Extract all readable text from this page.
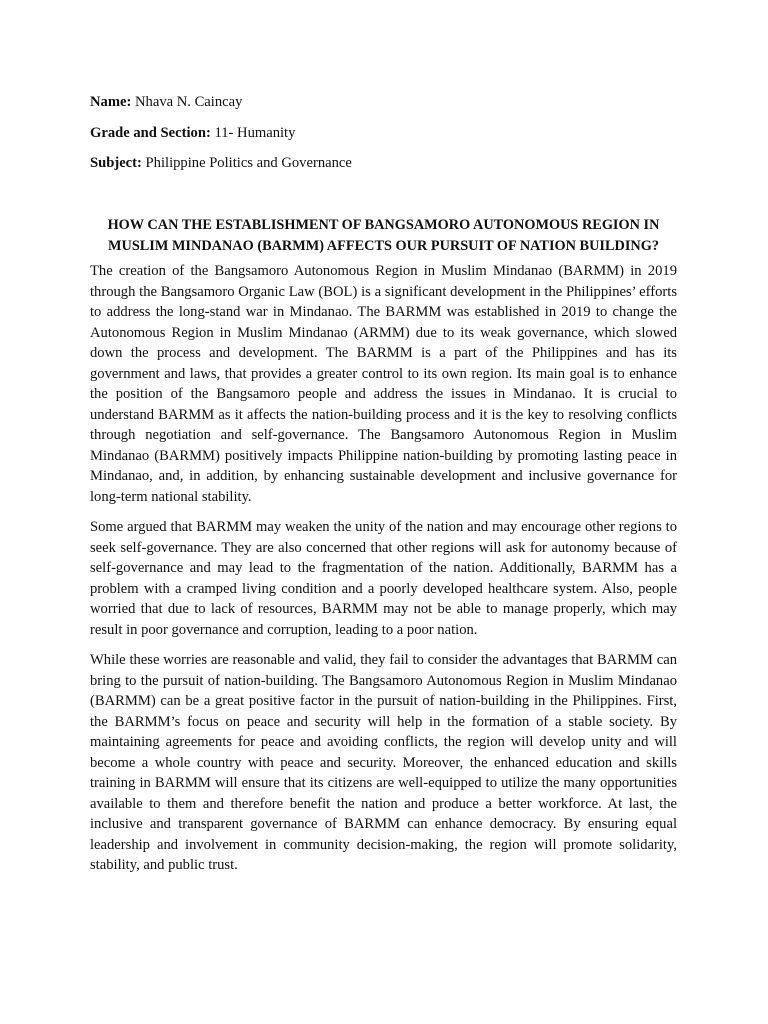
Name: Nhava N. Caincay

Grade and Section: 11- Humanity

Subject: Philippine Politics and Governance

HOW CAN THE ESTABLISHMENT OF BANGSAMORO AUTONOMOUS REGION IN MUSLIM MINDANAO (BARMM) AFFECTS OUR PURSUIT OF NATION BUILDING?

The creation of the Bangsamoro Autonomous Region in Muslim Mindanao (BARMM) in 2019 through the Bangsamoro Organic Law (BOL) is a significant development in the Philippines’ efforts to address the long-stand war in Mindanao. The BARMM was established in 2019 to change the Autonomous Region in Muslim Mindanao (ARMM) due to its weak governance, which slowed down the process and development. The BARMM is a part of the Philippines and has its government and laws, that provides a greater control to its own region. Its main goal is to enhance the position of the Bangsamoro people and address the issues in Mindanao. It is crucial to understand BARMM as it affects the nation-building process and it is the key to resolving conflicts through negotiation and self-governance. The Bangsamoro Autonomous Region in Muslim Mindanao (BARMM) positively impacts Philippine nation-building by promoting lasting peace in Mindanao, and, in addition, by enhancing sustainable development and inclusive governance for long-term national stability.

Some argued that BARMM may weaken the unity of the nation and may encourage other regions to seek self-governance. They are also concerned that other regions will ask for autonomy because of self-governance and may lead to the fragmentation of the nation. Additionally, BARMM has a problem with a cramped living condition and a poorly developed healthcare system. Also, people worried that due to lack of resources, BARMM may not be able to manage properly, which may result in poor governance and corruption, leading to a poor nation.

While these worries are reasonable and valid, they fail to consider the advantages that BARMM can bring to the pursuit of nation-building. The Bangsamoro Autonomous Region in Muslim Mindanao (BARMM) can be a great positive factor in the pursuit of nation-building in the Philippines. First, the BARMM’s focus on peace and security will help in the formation of a stable society. By maintaining agreements for peace and avoiding conflicts, the region will develop unity and will become a whole country with peace and security. Moreover, the enhanced education and skills training in BARMM will ensure that its citizens are well-equipped to utilize the many opportunities available to them and therefore benefit the nation and produce a better workforce. At last, the inclusive and transparent governance of BARMM can enhance democracy. By ensuring equal leadership and involvement in community decision-making, the region will promote solidarity, stability, and public trust.
